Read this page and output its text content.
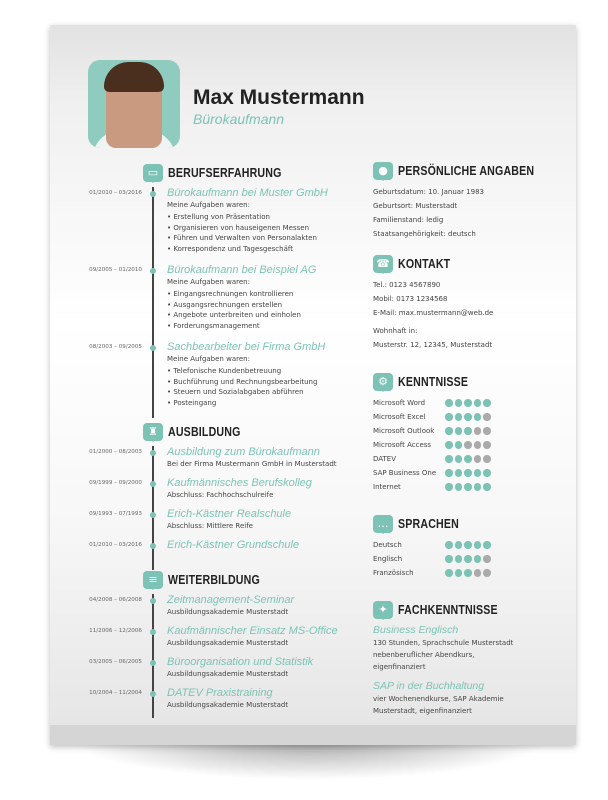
Max Mustermann
Bürokaufmann
▭ BERUFSERFAHRUNG
01/2010 – 03/2016 Bürokaufmann bei Muster GmbH
Meine Aufgaben waren:
• Erstellung von Präsentation
• Organisieren von hauseigenen Messen
• Führen und Verwalten von Personalakten
• Korrespondenz und Tagesgeschäft
09/2005 – 01/2010 Bürokaufmann bei Beispiel AG
Meine Aufgaben waren:
• Eingangsrechnungen kontrollieren
• Ausgangsrechnungen erstellen
• Angebote unterbreiten und einholen
• Forderungsmanagement
08/2003 – 09/2005 Sachbearbeiter bei Firma GmbH
Meine Aufgaben waren:
• Telefonische Kundenbetreuung
• Buchführung und Rechnungsbearbeitung
• Steuern und Sozialabgaben abführen
• Posteingang
♜ AUSBILDUNG
01/2000 – 08/2003 Ausbildung zum Bürokaufmann
Bei der Firma Mustermann GmbH in Musterstadt
09/1999 – 09/2000 Kaufmännisches Berufskolleg
Abschluss: Fachhochschulreife
09/1993 – 07/1993 Erich-Kästner Realschule
Abschluss: Mittlere Reife
01/2010 – 03/2016 Erich-Kästner Grundschule
≡ WEITERBILDUNG
04/2008 – 06/2008 Zeitmanagement-Seminar
Ausbildungsakademie Musterstadt
11/2006 – 12/2006 Kaufmännischer Einsatz MS-Office
Ausbildungsakademie Musterstadt
03/2005 – 06/2005 Büroorganisation und Statistik
Ausbildungsakademie Musterstadt
10/2004 – 11/2004 DATEV Praxistraining
Ausbildungsakademie Musterstadt
● PERSÖNLICHE ANGABEN
Geburtsdatum: 10. Januar 1983
Geburtsort: Musterstadt
Familienstand: ledig
Staatsangehörigkeit: deutsch
☎ KONTAKT
Tel.: 0123 4567890
Mobil: 0173 1234568
E-Mail: max.mustermann@web.de
Wohnhaft in:
Musterstr. 12, 12345, Musterstadt
⚙ KENNTNISSE
Microsoft Word
Microsoft Excel
Microsoft Outlook
Microsoft Access
DATEV
SAP Business One
Internet
… SPRACHEN
Deutsch
Englisch
Französisch
✦ FACHKENNTNISSE
Business Englisch
130 Stunden, Sprachschule Musterstadt
nebenberuflicher Abendkurs,
eigenfinanziert
SAP in der Buchhaltung
vier Wochenendkurse, SAP Akademie
Musterstadt, eigenfinanziert
